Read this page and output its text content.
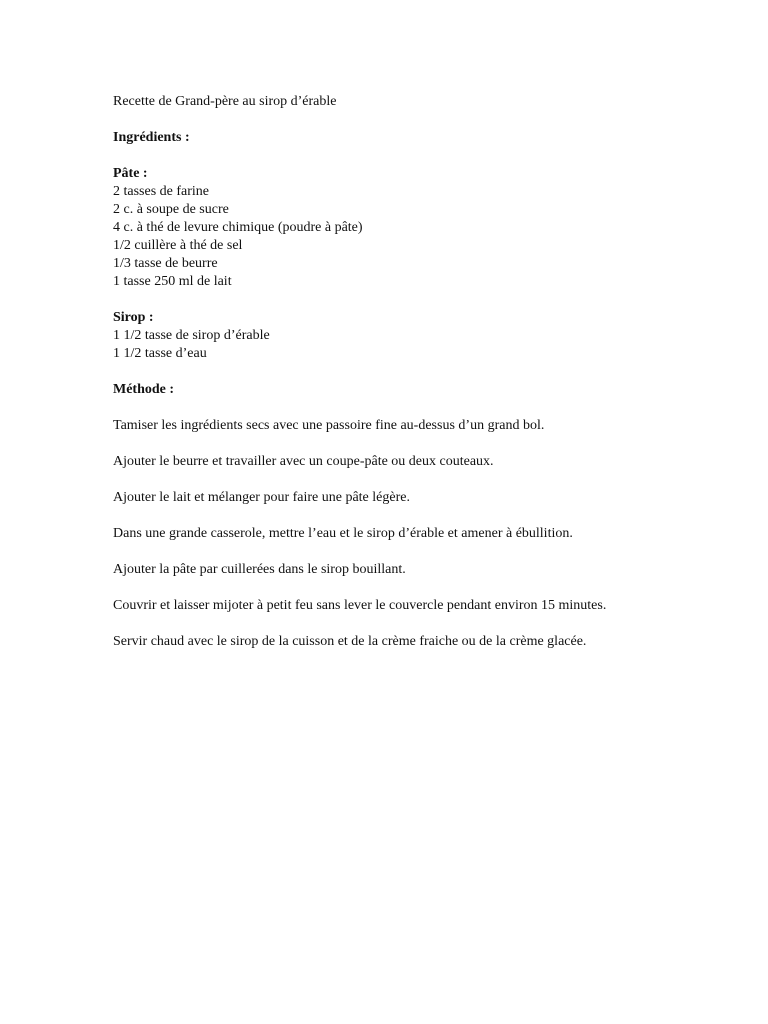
Recette de Grand-père au sirop d’érable
Ingrédients :
Pâte :
2 tasses de farine
2 c. à soupe de sucre
4 c. à thé de levure chimique (poudre à pâte)
1/2 cuillère à thé de sel
1/3 tasse de beurre
1 tasse 250 ml de lait
Sirop :
1 1/2 tasse de sirop d’érable
1 1/2 tasse d’eau
Méthode :
Tamiser les ingrédients secs avec une passoire fine au-dessus d’un grand bol.
Ajouter le beurre et travailler avec un coupe-pâte ou deux couteaux.
Ajouter le lait et mélanger pour faire une pâte légère.
Dans une grande casserole, mettre l’eau et le sirop d’érable et amener à ébullition.
Ajouter la pâte par cuillerées dans le sirop bouillant.
Couvrir et laisser mijoter à petit feu sans lever le couvercle pendant environ 15 minutes.
Servir chaud avec le sirop de la cuisson et de la crème fraiche ou de la crème glacée.
